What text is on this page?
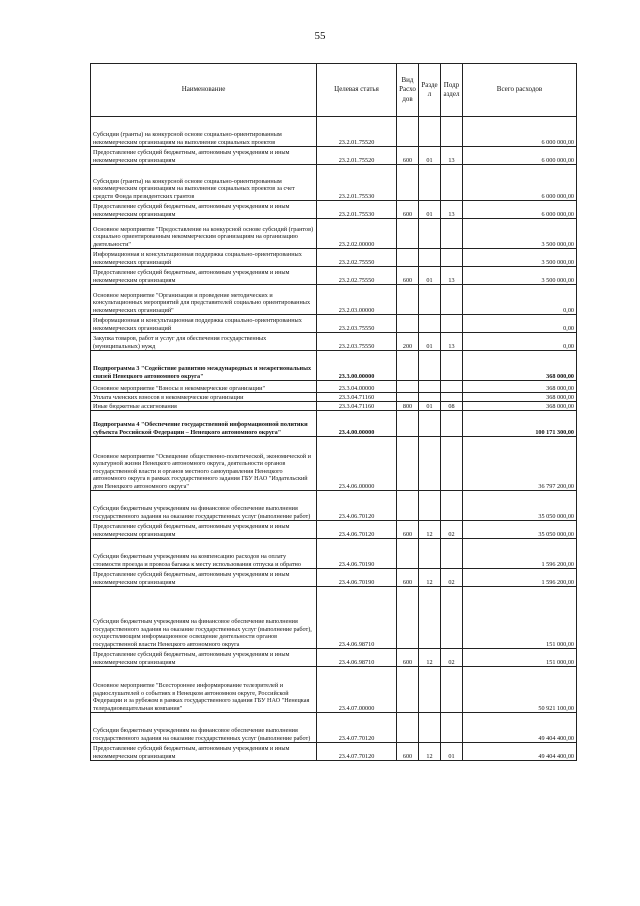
55
Наименование	Целевая статья	Вид Расхо дов	Разде л	Подр аздел	Всего расходов
Субсидии (гранты) на конкурсной основе социально-ориентированным некоммерческим организациям на выполнение социальных проектов	23.2.01.75520				6 000 000,00
Предоставление субсидий бюджетным, автономным учреждениям и иным некоммерческим организациям	23.2.01.75520	600	01	13	6 000 000,00
Субсидии (гранты) на конкурсной основе социально-ориентированным некоммерческим организациям на выполнение социальных проектов за счет средств Фонда президентских грантов	23.2.01.75530				6 000 000,00
Предоставление субсидий бюджетным, автономным учреждениям и иным некоммерческим организациям	23.2.01.75530	600	01	13	6 000 000,00
Основное мероприятие "Предоставление на конкурсной основе субсидий (грантов) социально ориентированным некоммерческим организациям на организацию деятельности"	23.2.02.00000				3 500 000,00
Информационная и консультационная поддержка социально-ориентированных некоммерческих организаций	23.2.02.75550				3 500 000,00
Предоставление субсидий бюджетным, автономным учреждениям и иным некоммерческим организациям	23.2.02.75550	600	01	13	3 500 000,00
Основное мероприятие "Организация и проведение методических и консультационных мероприятий для представителей социально ориентированных некоммерческих организаций"	23.2.03.00000				0,00
Информационная и консультационная поддержка социально-ориентированных некоммерческих организаций	23.2.03.75550				0,00
Закупка товаров, работ и услуг для обеспечения государственных (муниципальных) нужд	23.2.03.75550	200	01	13	0,00
Подпрограмма 3 "Содействие развитию международных и межрегиональных связей Ненецкого автономного округа"	23.3.00.00000				368 000,00
Основное мероприятие "Взносы в некоммерческие организации"	23.3.04.00000				368 000,00
Уплата членских взносов в некоммерческие организации	23.3.04.71160				368 000,00
Иные бюджетные ассигнования	23.3.04.71160	800	01	08	368 000,00
Подпрограмма 4 "Обеспечение государственной информационной политики субъекта Российской Федерации – Ненецкого автономного округа"	23.4.00.00000				100 171 300,00
Основное мероприятие "Освещение общественно-политической, экономической и культурной жизни Ненецкого автономного округа, деятельности органов государственной власти и органов местного самоуправления Ненецкого автономного округа в рамках государственного задания ГБУ НАО "Издательский дом Ненецкого автономного округа"	23.4.06.00000				36 797 200,00
Субсидии бюджетным учреждениям на финансовое обеспечение выполнения государственного задания на оказание государственных услуг (выполнение работ)	23.4.06.70120				35 050 000,00
Предоставление субсидий бюджетным, автономным учреждениям и иным некоммерческим организациям	23.4.06.70120	600	12	02	35 050 000,00
Субсидии бюджетным учреждениям на компенсацию расходов на оплату стоимости проезда и провоза багажа к месту использования отпуска и обратно	23.4.06.70190				1 596 200,00
Предоставление субсидий бюджетным, автономным учреждениям и иным некоммерческим организациям	23.4.06.70190	600	12	02	1 596 200,00
Субсидии бюджетным учреждениям на финансовое обеспечение выполнения государственного задания на оказание государственных услуг (выполнение работ), осуществляющим информационное освещение деятельности органов государственной власти Ненецкого автономного округа	23.4.06.98710				151 000,00
Предоставление субсидий бюджетным, автономным учреждениям и иным некоммерческим организациям	23.4.06.98710	600	12	02	151 000,00
Основное мероприятие "Всестороннее информирование телезрителей и радиослушателей о событиях в Ненецком автономном округе, Российской Федерации и за рубежом в рамках государственного задания ГБУ НАО "Ненецкая телерадиовещательная компания"	23.4.07.00000				50 921 100,00
Субсидии бюджетным учреждениям на финансовое обеспечение выполнения государственного задания на оказание государственных услуг (выполнение работ)	23.4.07.70120				49 404 400,00
Предоставление субсидий бюджетным, автономным учреждениям и иным некоммерческим организациям	23.4.07.70120	600	12	01	49 404 400,00
